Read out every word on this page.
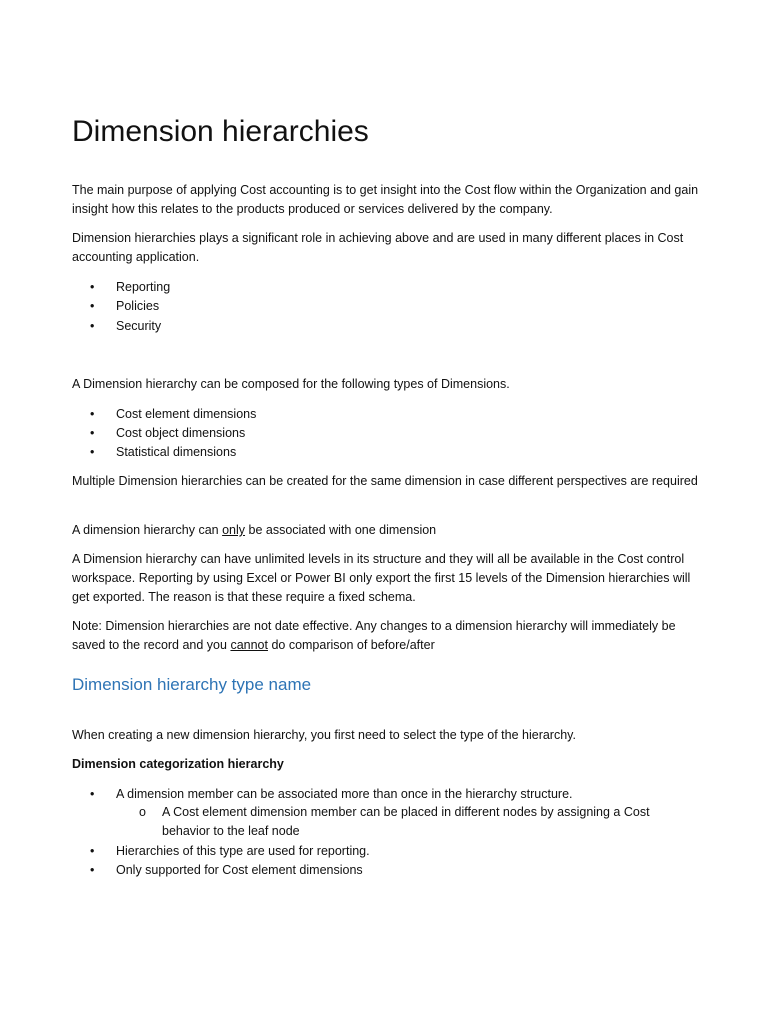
Dimension hierarchies

The main purpose of applying Cost accounting is to get insight into the Cost flow within the Organization and gain insight how this relates to the products produced or services delivered by the company.

Dimension hierarchies plays a significant role in achieving above and are used in many different places in Cost accounting application.

• Reporting

• Policies

• Security

A Dimension hierarchy can be composed for the following types of Dimensions.

• Cost element dimensions

• Cost object dimensions

• Statistical dimensions

Multiple Dimension hierarchies can be created for the same dimension in case different perspectives are required

A dimension hierarchy can only be associated with one dimension

A Dimension hierarchy can have unlimited levels in its structure and they will all be available in the Cost control workspace. Reporting by using Excel or Power BI only export the first 15 levels of the Dimension hierarchies will get exported. The reason is that these require a fixed schema.

Note: Dimension hierarchies are not date effective. Any changes to a dimension hierarchy will immediately be saved to the record and you cannot do comparison of before/after

Dimension hierarchy type name

When creating a new dimension hierarchy, you first need to select the type of the hierarchy.

Dimension categorization hierarchy

• A dimension member can be associated more than once in the hierarchy structure.

o A Cost element dimension member can be placed in different nodes by assigning a Cost behavior to the leaf node

• Hierarchies of this type are used for reporting.

• Only supported for Cost element dimensions
